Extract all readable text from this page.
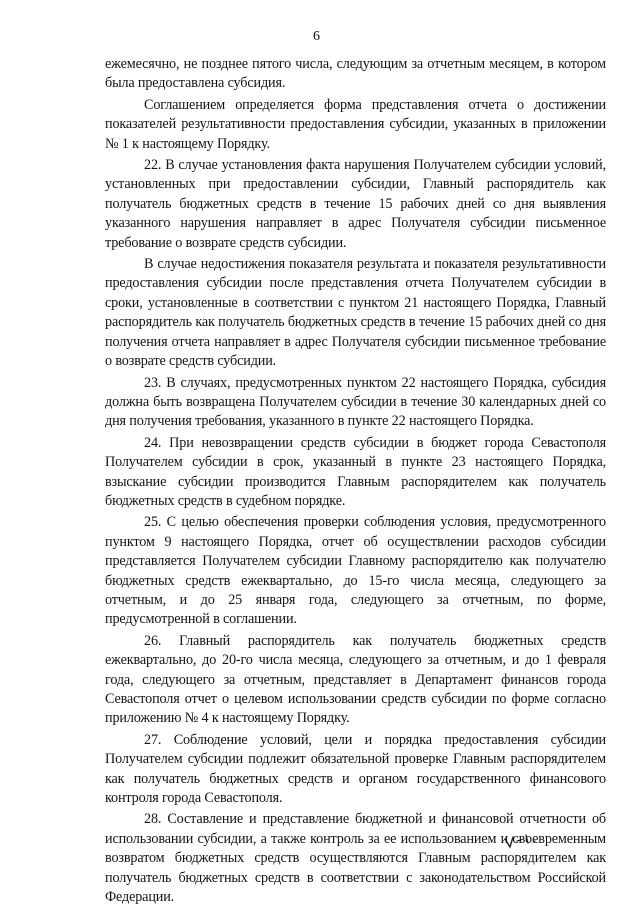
6

ежемесячно, не позднее пятого числа, следующим за отчетным месяцем, в котором была предоставлена субсидия.

Соглашением определяется форма представления отчета о достижении показателей результативности предоставления субсидии, указанных в приложении № 1 к настоящему Порядку.

22. В случае установления факта нарушения Получателем субсидии условий, установленных при предоставлении субсидии, Главный распорядитель как получатель бюджетных средств в течение 15 рабочих дней со дня выявления указанного нарушения направляет в адрес Получателя субсидии письменное требование о возврате средств субсидии.

В случае недостижения показателя результата и показателя результативности предоставления субсидии после представления отчета Получателем субсидии в сроки, установленные в соответствии с пунктом 21 настоящего Порядка, Главный распорядитель как получатель бюджетных средств в течение 15 рабочих дней со дня получения отчета направляет в адрес Получателя субсидии письменное требование о возврате средств субсидии.

23. В случаях, предусмотренных пунктом 22 настоящего Порядка, субсидия должна быть возвращена Получателем субсидии в течение 30 календарных дней со дня получения требования, указанного в пункте 22 настоящего Порядка.

24. При невозвращении средств субсидии в бюджет города Севастополя Получателем субсидии в срок, указанный в пункте 23 настоящего Порядка, взыскание субсидии производится Главным распорядителем как получатель бюджетных средств в судебном порядке.

25. С целью обеспечения проверки соблюдения условия, предусмотренного пунктом 9 настоящего Порядка, отчет об осуществлении расходов субсидии представляется Получателем субсидии Главному распорядителю как получателю бюджетных средств ежеквартально, до 15-го числа месяца, следующего за отчетным, и до 25 января года, следующего за отчетным, по форме, предусмотренной в соглашении.

26. Главный распорядитель как получатель бюджетных средств ежеквартально, до 20-го числа месяца, следующего за отчетным, и до 1 февраля года, следующего за отчетным, представляет в Департамент финансов города Севастополя отчет о целевом использовании средств субсидии по форме согласно приложению № 4 к настоящему Порядку.

27. Соблюдение условий, цели и порядка предоставления субсидии Получателем субсидии подлежит обязательной проверке Главным распорядителем как получатель бюджетных средств и органом государственного финансового контроля города Севастополя.

28. Составление и представление бюджетной и финансовой отчетности об использовании субсидии, а также контроль за ее использованием и своевременным возвратом бюджетных средств осуществляются Главным распорядителем как получатель бюджетных средств в соответствии с законодательством Российской Федерации.
